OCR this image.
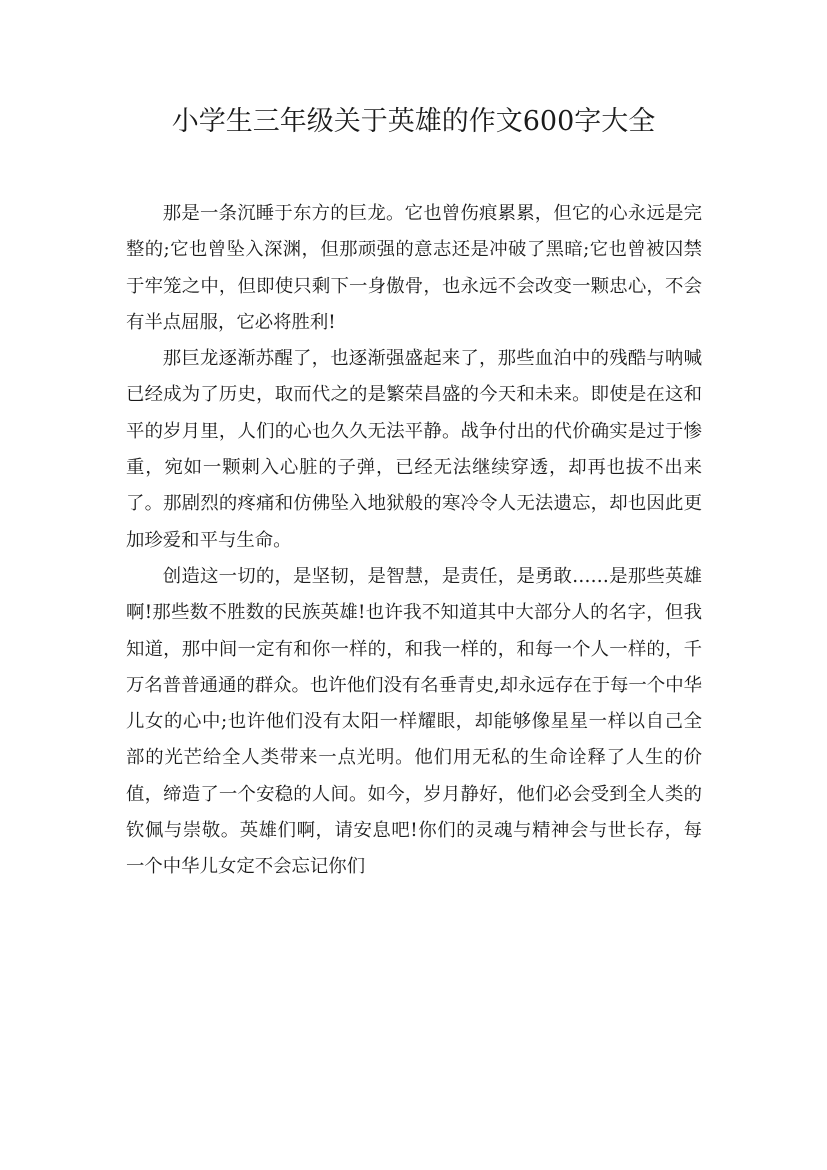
小学生三年级关于英雄的作文600字大全

那是一条沉睡于东方的巨龙。它也曾伤痕累累，但它的心永远是完整的;它也曾坠入深渊，但那顽强的意志还是冲破了黑暗;它也曾被囚禁于牢笼之中，但即使只剩下一身傲骨，也永远不会改变一颗忠心，不会有半点屈服，它必将胜利!

那巨龙逐渐苏醒了，也逐渐强盛起来了，那些血泊中的残酷与呐喊已经成为了历史，取而代之的是繁荣昌盛的今天和未来。即使是在这和平的岁月里，人们的心也久久无法平静。战争付出的代价确实是过于惨重，宛如一颗刺入心脏的子弹，已经无法继续穿透，却再也拔不出来了。那剧烈的疼痛和仿佛坠入地狱般的寒冷令人无法遗忘，却也因此更加珍爱和平与生命。

创造这一切的，是坚韧，是智慧，是责任，是勇敢……是那些英雄啊!那些数不胜数的民族英雄!也许我不知道其中大部分人的名字，但我知道，那中间一定有和你一样的，和我一样的，和每一个人一样的，千万名普普通通的群众。也许他们没有名垂青史,却永远存在于每一个中华儿女的心中;也许他们没有太阳一样耀眼，却能够像星星一样以自己全部的光芒给全人类带来一点光明。他们用无私的生命诠释了人生的价值，缔造了一个安稳的人间。如今，岁月静好，他们必会受到全人类的钦佩与崇敬。英雄们啊，请安息吧!你们的灵魂与精神会与世长存，每一个中华儿女定不会忘记你们
